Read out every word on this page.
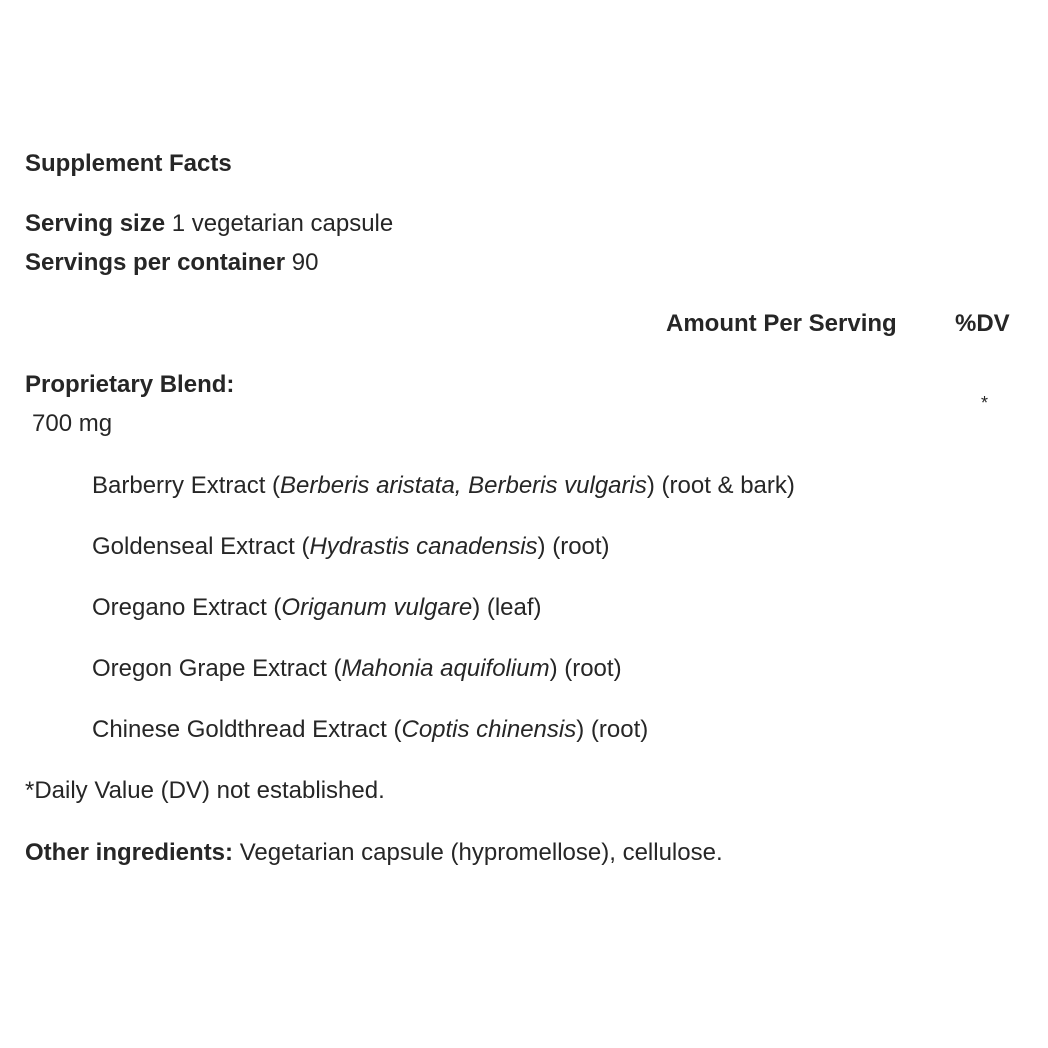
Supplement Facts
Serving size 1 vegetarian capsule
Servings per container 90
Amount Per Serving %DV
Proprietary Blend:
*
700 mg
Barberry Extract (Berberis aristata, Berberis vulgaris) (root & bark)
Goldenseal Extract (Hydrastis canadensis) (root)
Oregano Extract (Origanum vulgare) (leaf)
Oregon Grape Extract (Mahonia aquifolium) (root)
Chinese Goldthread Extract (Coptis chinensis) (root)
*Daily Value (DV) not established.
Other ingredients: Vegetarian capsule (hypromellose), cellulose.
